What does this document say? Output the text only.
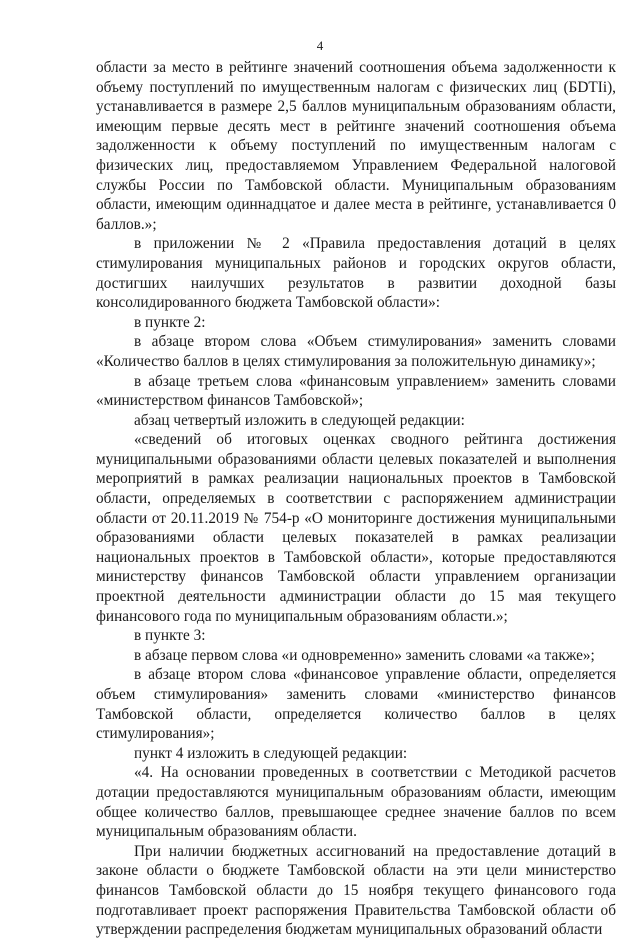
4

области за место в рейтинге значений соотношения объема задолженности к объему поступлений по имущественным налогам с физических лиц (БDTIi), устанавливается в размере 2,5 баллов муниципальным образованиям области, имеющим первые десять мест в рейтинге значений соотношения объема задолженности к объему поступлений по имущественным налогам с физических лиц, предоставляемом Управлением Федеральной налоговой службы России по Тамбовской области. Муниципальным образованиям области, имеющим одиннадцатое и далее места в рейтинге, устанавливается 0 баллов.»;

в приложении № 2 «Правила предоставления дотаций в целях стимулирования муниципальных районов и городских округов области, достигших наилучших результатов в развитии доходной базы консолидированного бюджета Тамбовской области»:

в пункте 2:

в абзаце втором слова «Объем стимулирования» заменить словами «Количество баллов в целях стимулирования за положительную динамику»;

в абзаце третьем слова «финансовым управлением» заменить словами «министерством финансов Тамбовской»;

абзац четвертый изложить в следующей редакции:

«сведений об итоговых оценках сводного рейтинга достижения муниципальными образованиями области целевых показателей и выполнения мероприятий в рамках реализации национальных проектов в Тамбовской области, определяемых в соответствии с распоряжением администрации области от 20.11.2019 № 754-р «О мониторинге достижения муниципальными образованиями области целевых показателей в рамках реализации национальных проектов в Тамбовской области», которые предоставляются министерству финансов Тамбовской области управлением организации проектной деятельности администрации области до 15 мая текущего финансового года по муниципальным образованиям области.»;

в пункте 3:

в абзаце первом слова «и одновременно» заменить словами «а также»;

в абзаце втором слова «финансовое управление области, определяется объем стимулирования» заменить словами «министерство финансов Тамбовской области, определяется количество баллов в целях стимулирования»;

пункт 4 изложить в следующей редакции:

«4. На основании проведенных в соответствии с Методикой расчетов дотации предоставляются муниципальным образованиям области, имеющим общее количество баллов, превышающее среднее значение баллов по всем муниципальным образованиям области.

При наличии бюджетных ассигнований на предоставление дотаций в законе области о бюджете Тамбовской области на эти цели министерство финансов Тамбовской области до 15 ноября текущего финансового года подготавливает проект распоряжения Правительства Тамбовской области об утверждении распределения бюджетам муниципальных образований области
